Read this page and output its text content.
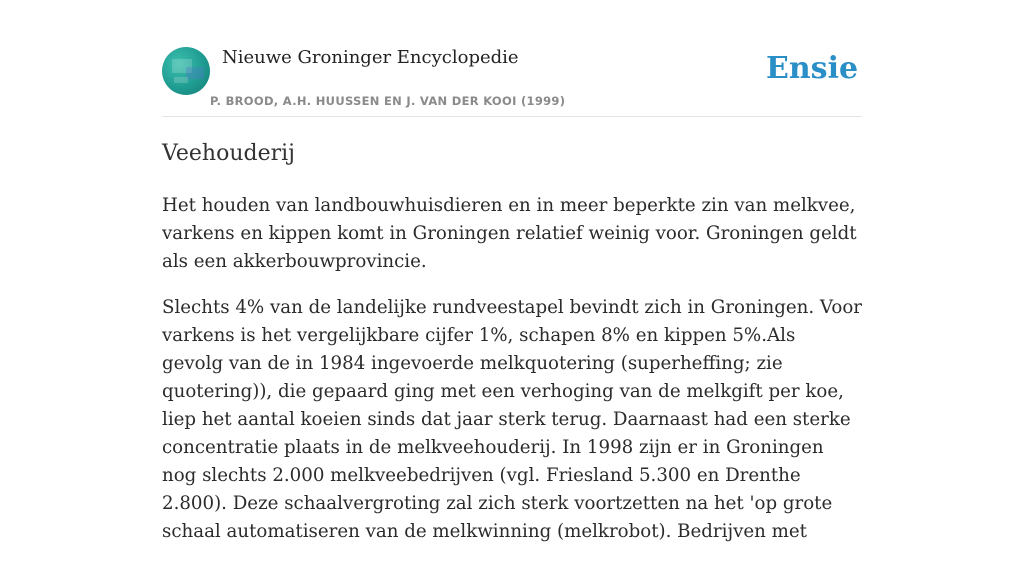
Nieuwe Groninger Encyclopedie
P. BROOD, A.H. HUUSSEN EN J. VAN DER KOOI (1999)
Ensie
Veehouderij

Het houden van landbouwhuisdieren en in meer beperkte zin van melkvee, varkens en kippen komt in Groningen relatief weinig voor. Groningen geldt als een akkerbouwprovincie.

Slechts 4% van de landelijke rundveestapel bevindt zich in Groningen. Voor varkens is het vergelijkbare cijfer 1%, schapen 8% en kippen 5%.Als gevolg van de in 1984 ingevoerde melkquotering (superheffing; zie quotering)), die gepaard ging met een verhoging van de melkgift per koe, liep het aantal koeien sinds dat jaar sterk terug. Daarnaast had een sterke concentratie plaats in de melkveehouderij. In 1998 zijn er in Groningen nog slechts 2.000 melkveebedrijven (vgl. Friesland 5.300 en Drenthe 2.800). Deze schaalvergroting zal zich sterk voortzetten na het 'op grote schaal automatiseren van de melkwinning (melkrobot). Bedrijven met
